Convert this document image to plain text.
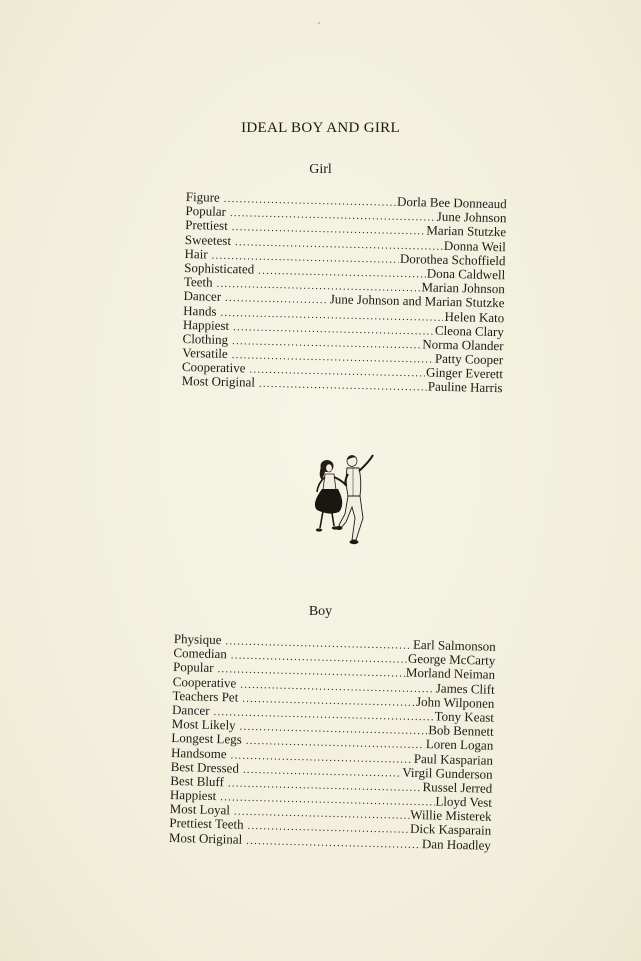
IDEAL BOY AND GIRL
Girl
Figure .....	Dorla Bee Donneaud
Popular .....	June Johnson
Prettiest .....	Marian Stutzke
Sweetest .....	Donna Weil
Hair .....	Dorothea Schoffield
Sophisticated .....	Dona Caldwell
Teeth .....	Marian Johnson
Dancer .....	June Johnson and Marian Stutzke
Hands .....	Helen Kato
Happiest .....	Cleona Clary
Clothing .....	Norma Olander
Versatile .....	Patty Cooper
Cooperative .....	Ginger Everett
Most Original .....	Pauline Harris
Boy
Physique .....	Earl Salmonson
Comedian .....	George McCarty
Popular .....	Morland Neiman
Cooperative .....	James Clift
Teachers Pet .....	John Wilponen
Dancer .....	Tony Keast
Most Likely .....	Bob Bennett
Longest Legs .....	Loren Logan
Handsome .....	Paul Kasparian
Best Dressed .....	Virgil Gunderson
Best Bluff .....	Russel Jerred
Happiest .....	Lloyd Vest
Most Loyal .....	Willie Misterek
Prettiest Teeth .....	Dick Kasparain
Most Original .....	Dan Hoadley
